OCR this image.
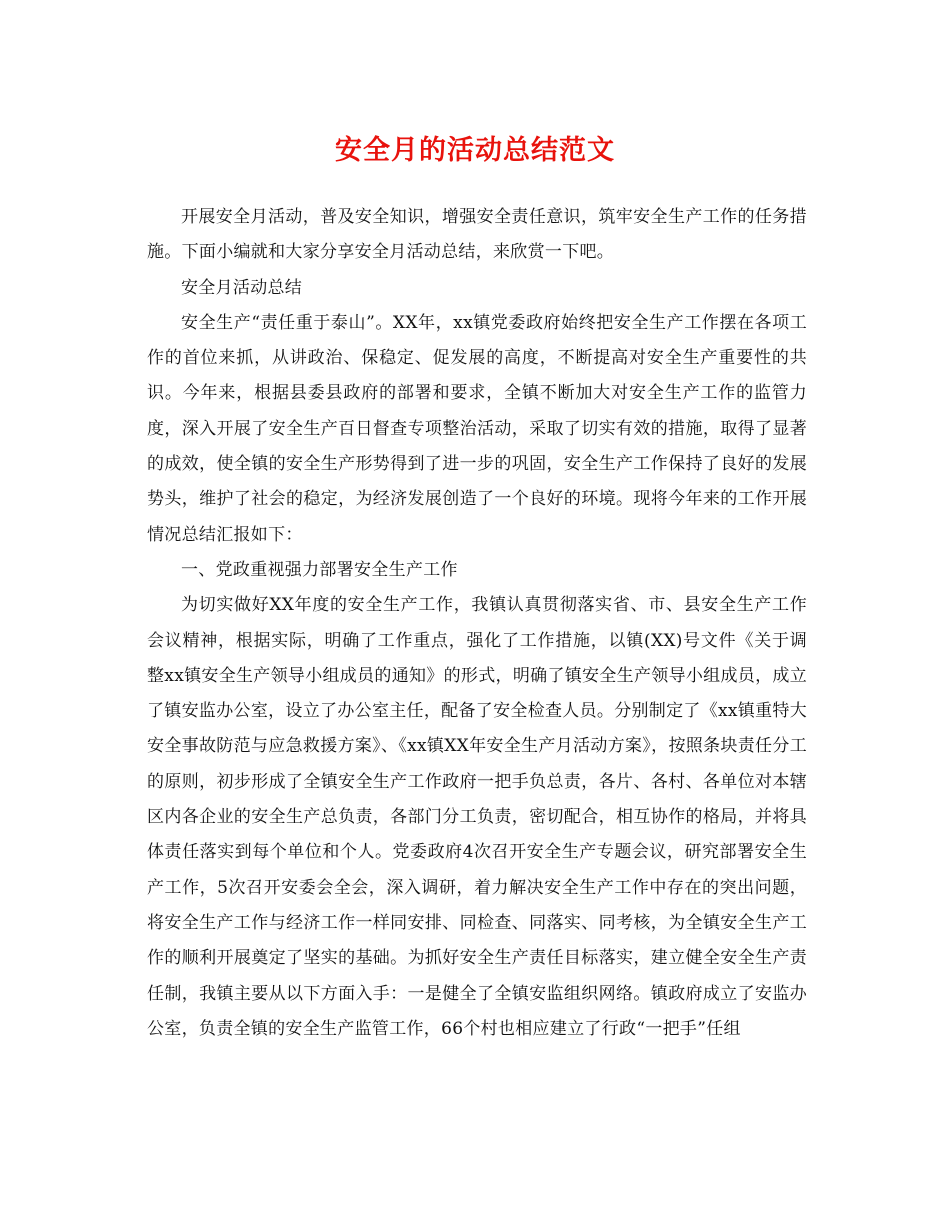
安全月的活动总结范文

开展安全月活动，普及安全知识，增强安全责任意识，筑牢安全生产工作的任务措施。下面小编就和大家分享安全月活动总结，来欣赏一下吧。

安全月活动总结

安全生产“责任重于泰山”。XX年，xx镇党委政府始终把安全生产工作摆在各项工作的首位来抓，从讲政治、保稳定、促发展的高度，不断提高对安全生产重要性的共识。今年来，根据县委县政府的部署和要求，全镇不断加大对安全生产工作的监管力度，深入开展了安全生产百日督查专项整治活动，采取了切实有效的措施，取得了显著的成效，使全镇的安全生产形势得到了进一步的巩固，安全生产工作保持了良好的发展势头，维护了社会的稳定，为经济发展创造了一个良好的环境。现将今年来的工作开展情况总结汇报如下：

一、党政重视强力部署安全生产工作

为切实做好XX年度的安全生产工作，我镇认真贯彻落实省、市、县安全生产工作会议精神，根据实际，明确了工作重点，强化了工作措施，以镇(XX)号文件《关于调整xx镇安全生产领导小组成员的通知》的形式，明确了镇安全生产领导小组成员，成立了镇安监办公室，设立了办公室主任，配备了安全检查人员。分别制定了《xx镇重特大安全事故防范与应急救援方案》、《xx镇XX年安全生产月活动方案》，按照条块责任分工的原则，初步形成了全镇安全生产工作政府一把手负总责，各片、各村、各单位对本辖区内各企业的安全生产总负责，各部门分工负责，密切配合，相互协作的格局，并将具体责任落实到每个单位和个人。党委政府4次召开安全生产专题会议，研究部署安全生产工作，5次召开安委会全会，深入调研，着力解决安全生产工作中存在的突出问题，将安全生产工作与经济工作一样同安排、同检查、同落实、同考核，为全镇安全生产工作的顺利开展奠定了坚实的基础。为抓好安全生产责任目标落实，建立健全安全生产责任制，我镇主要从以下方面入手：一是健全了全镇安监组织网络。镇政府成立了安监办公室，负责全镇的安全生产监管工作，66个村也相应建立了行政“一把手”任组
